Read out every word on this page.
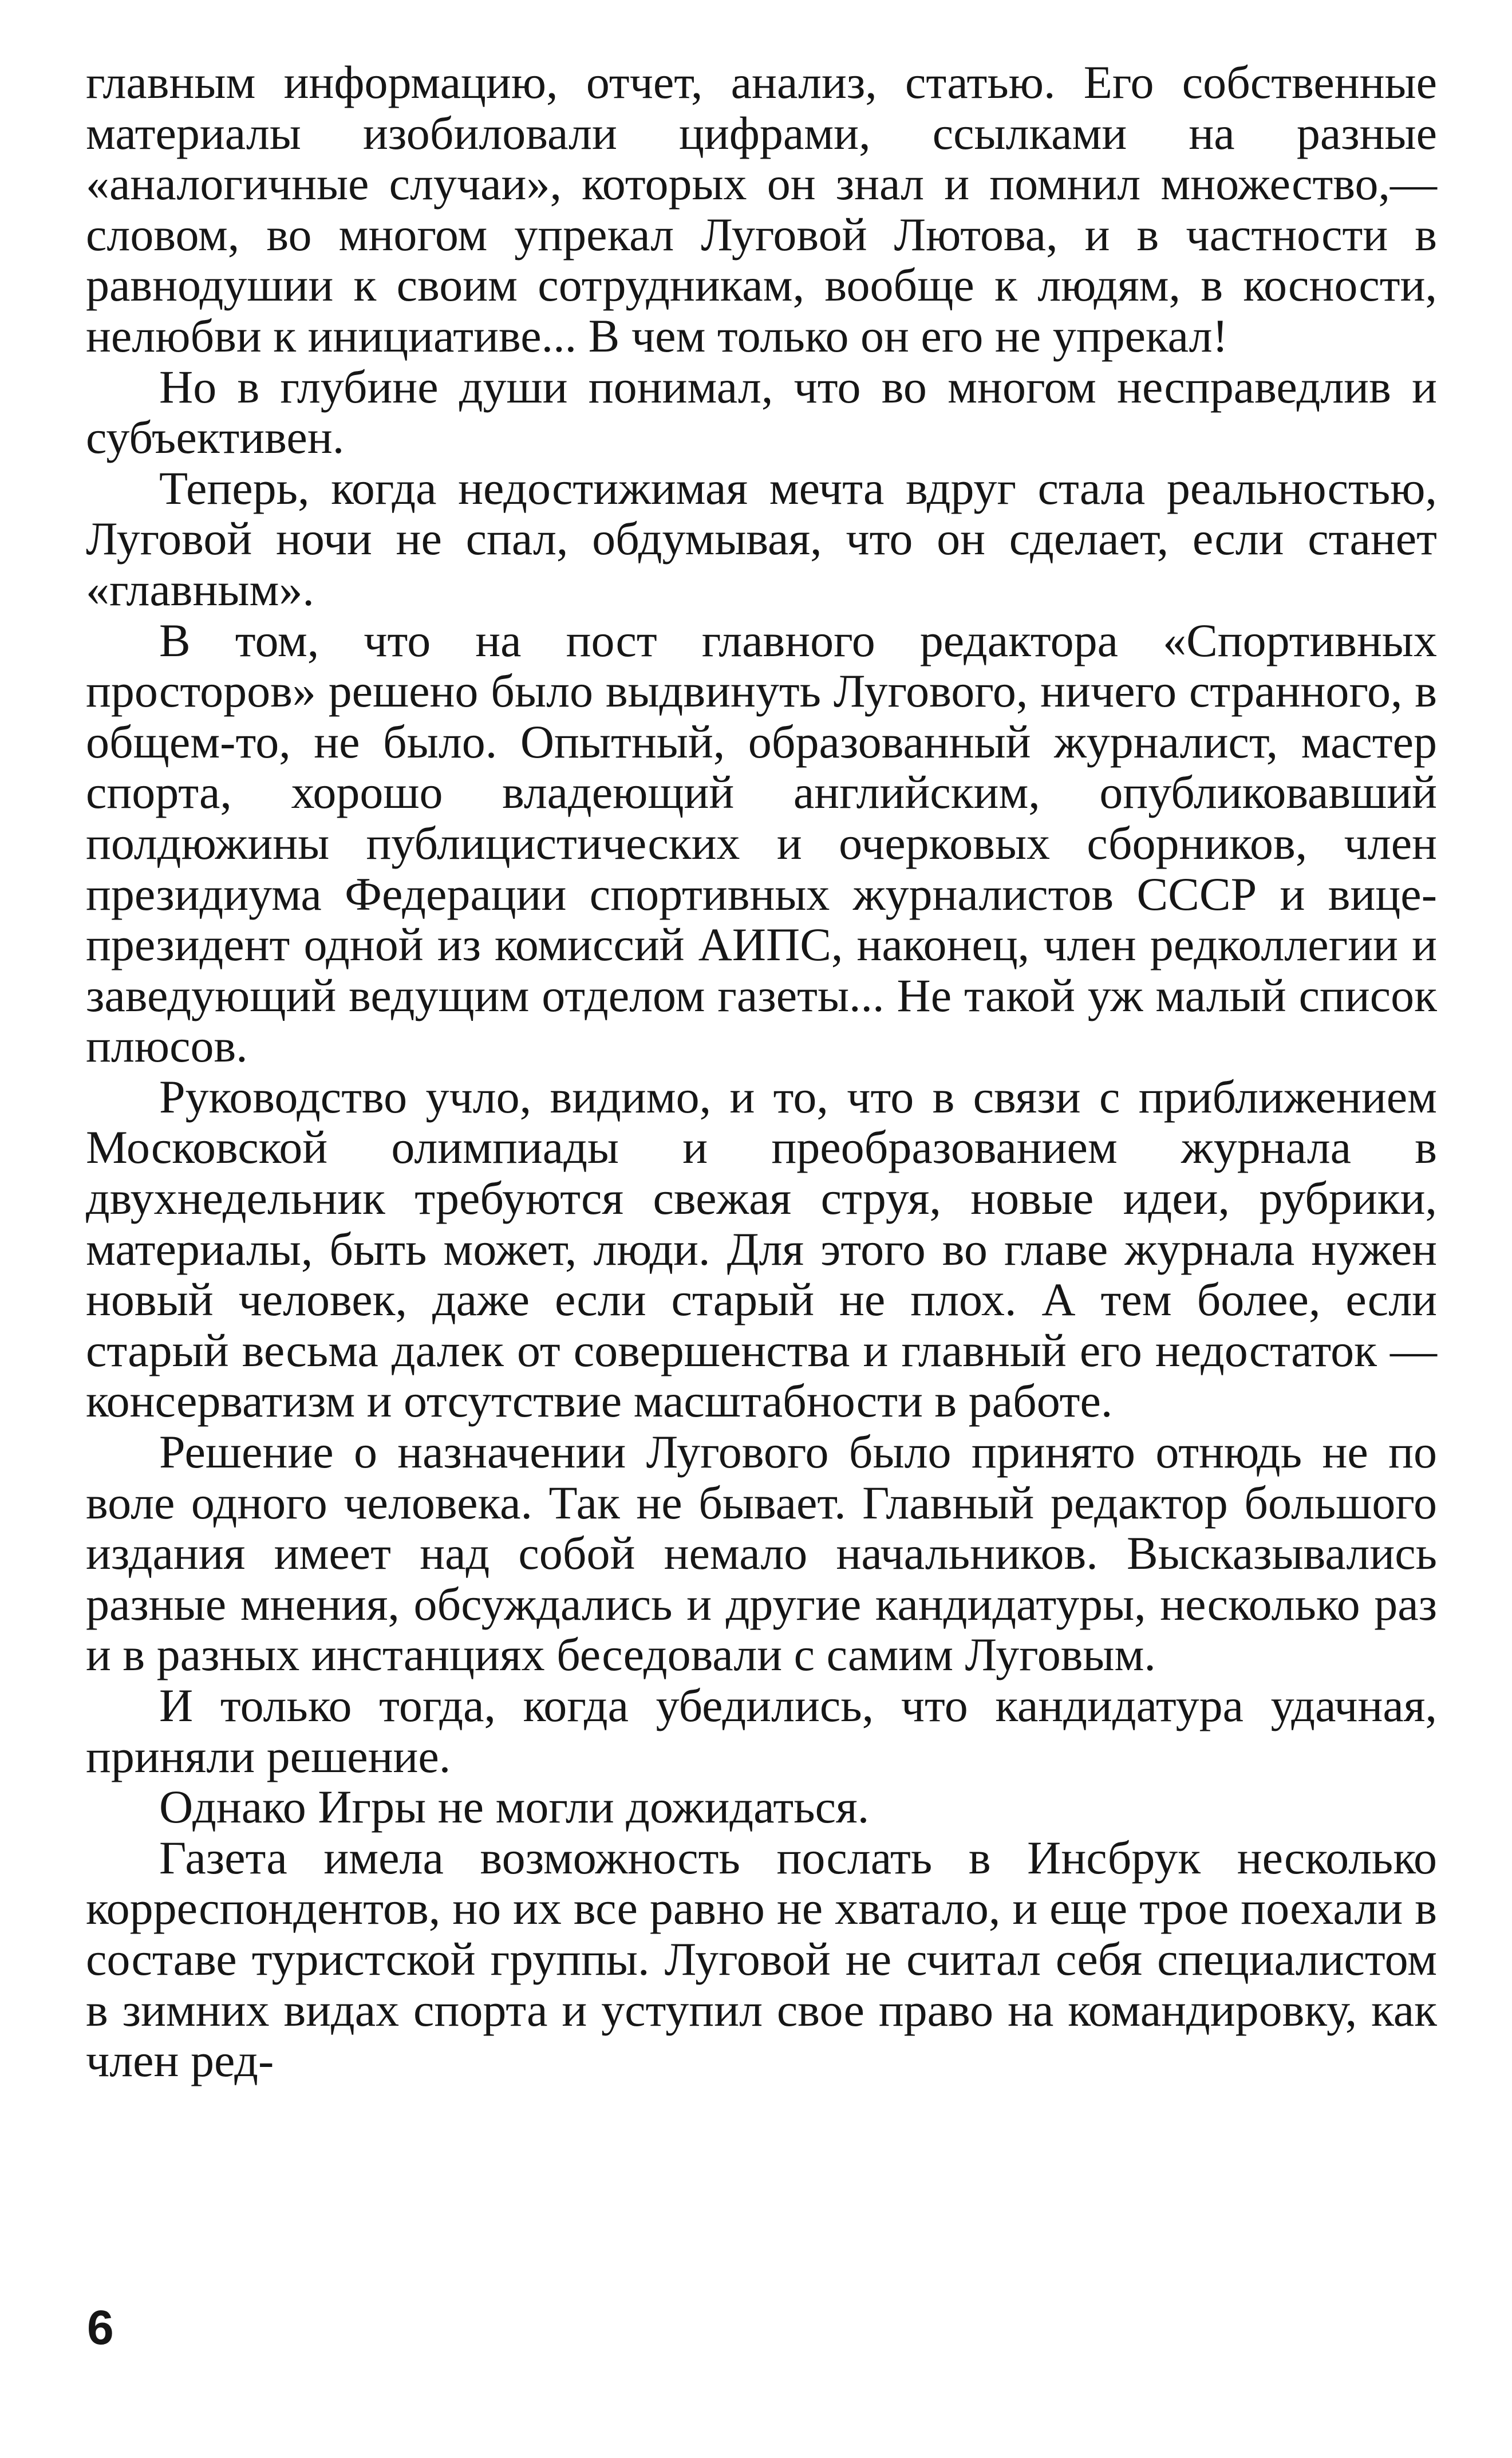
главным информацию, отчет, анализ, статью. Его собственные материалы изобиловали цифрами, ссылками на разные «аналогичные случаи», которых он знал и помнил множество,— словом, во многом упрекал Луговой Лютова, и в частности в равнодушии к своим сотрудникам, вообще к людям, в косности, нелюбви к инициативе... В чем только он его не упрекал!

Но в глубине души понимал, что во многом несправедлив и субъективен.

Теперь, когда недостижимая мечта вдруг стала реальностью, Луговой ночи не спал, обдумывая, что он сделает, если станет «главным».

В том, что на пост главного редактора «Спортивных просторов» решено было выдвинуть Лугового, ничего странного, в общем-то, не было. Опытный, образованный журналист, мастер спорта, хорошо владеющий английским, опубликовавший полдюжины публицистических и очерковых сборников, член президиума Федерации спортивных журналистов СССР и вице-президент одной из комиссий АИПС, наконец, член редколлегии и заведующий ведущим отделом газеты... Не такой уж малый список плюсов.

Руководство учло, видимо, и то, что в связи с приближением Московской олимпиады и преобразованием журнала в двухнедельник требуются свежая струя, новые идеи, рубрики, материалы, быть может, люди. Для этого во главе журнала нужен новый человек, даже если старый не плох. А тем более, если старый весьма далек от совершенства и главный его недостаток — консерватизм и отсутствие масштабности в работе.

Решение о назначении Лугового было принято отнюдь не по воле одного человека. Так не бывает. Главный редактор большого издания имеет над собой немало начальников. Высказывались разные мнения, обсуждались и другие кандидатуры, несколько раз и в разных инстанциях беседовали с самим Луговым.

И только тогда, когда убедились, что кандидатура удачная, приняли решение.

Однако Игры не могли дожидаться.

Газета имела возможность послать в Инсбрук несколько корреспондентов, но их все равно не хватало, и еще трое поехали в составе туристской группы. Луговой не считал себя специалистом в зимних видах спорта и уступил свое право на командировку, как член ред-

6
